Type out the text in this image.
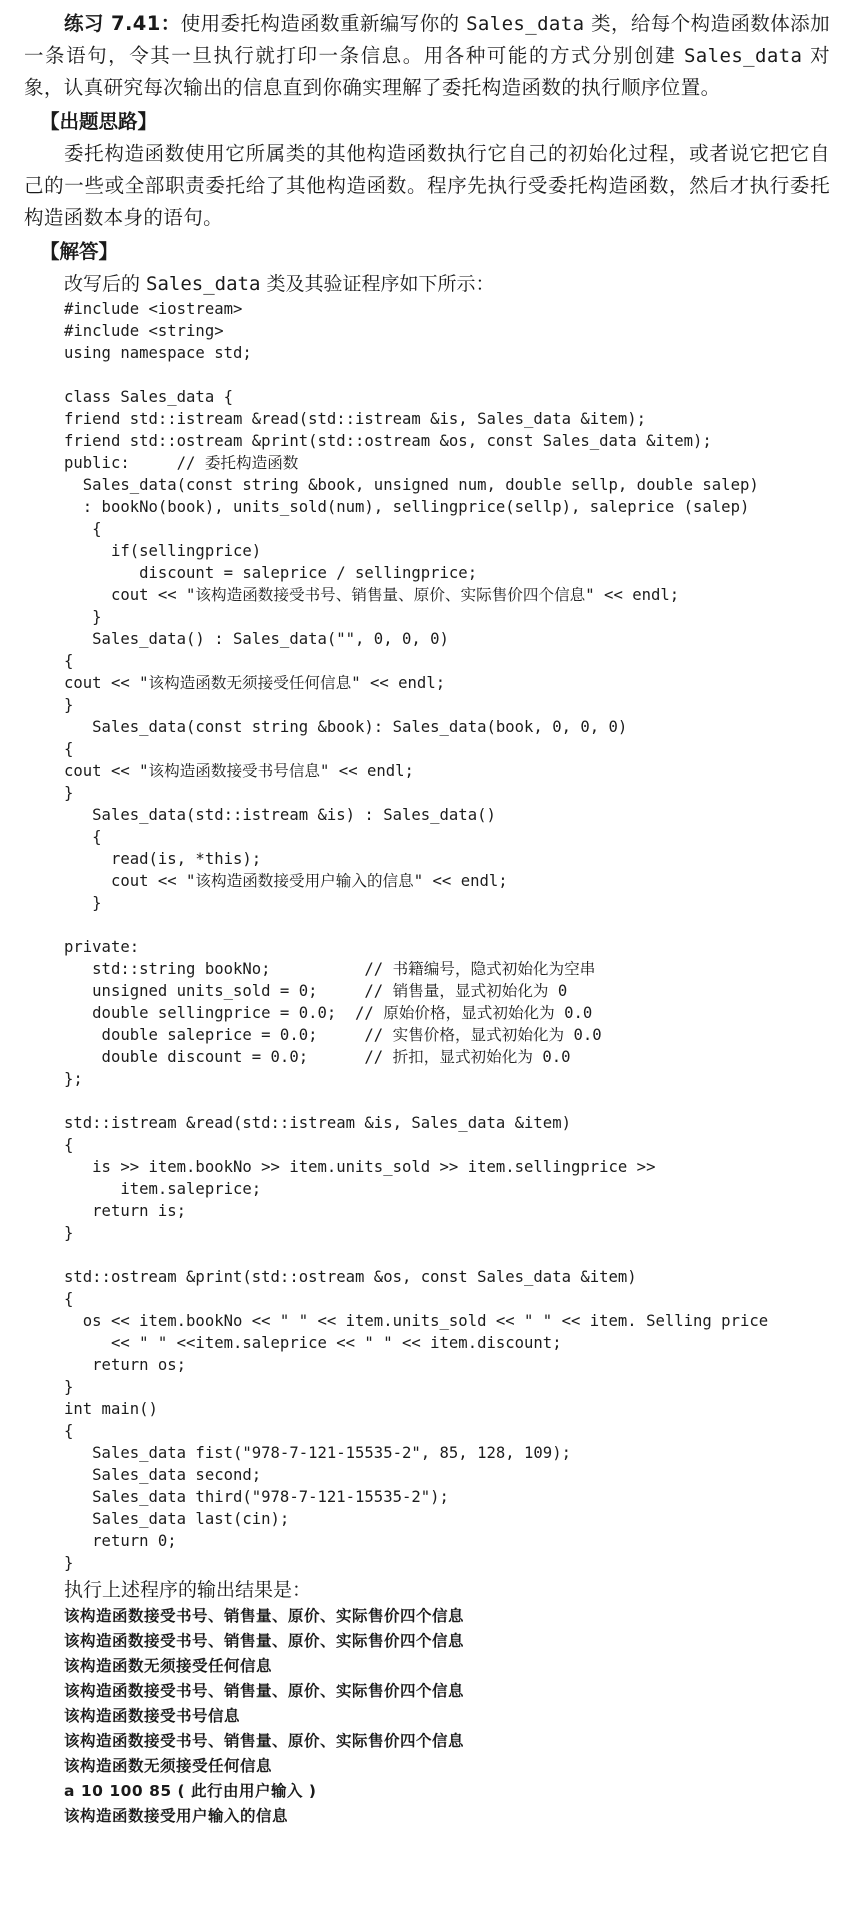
练习 7.41：使用委托构造函数重新编写你的 Sales_data 类，给每个构造函数体添加一条语句，令其一旦执行就打印一条信息。用各种可能的方式分别创建 Sales_data 对象，认真研究每次输出的信息直到你确实理解了委托构造函数的执行顺序位置。

【出题思路】

委托构造函数使用它所属类的其他构造函数执行它自己的初始化过程，或者说它把它自己的一些或全部职责委托给了其他构造函数。程序先执行受委托构造函数，然后才执行委托构造函数本身的语句。

【解答】
改写后的 Sales_data 类及其验证程序如下所示：
#include <iostream>
#include <string>
using namespace std;
class Sales_data {
friend std::istream &read(std::istream &is, Sales_data &item);
friend std::ostream &print(std::ostream &os, const Sales_data &item);
public:     // 委托构造函数
Sales_data(const string &book, unsigned num, double sellp, double salep)
: bookNo(book), units_sold(num), sellingprice(sellp), saleprice (salep)
{
if(sellingprice)
discount = saleprice / sellingprice;
cout << "该构造函数接受书号、销售量、原价、实际售价四个信息" << endl;
}
Sales_data() : Sales_data("", 0, 0, 0)
{
cout << "该构造函数无须接受任何信息" << endl;
}
Sales_data(const string &book): Sales_data(book, 0, 0, 0)
{
cout << "该构造函数接受书号信息" << endl;
}
Sales_data(std::istream &is) : Sales_data()
{
read(is, *this);
cout << "该构造函数接受用户输入的信息" << endl;
}
private:
std::string bookNo;          // 书籍编号，隐式初始化为空串
unsigned units_sold = 0;     // 销售量，显式初始化为 0
double sellingprice = 0.0;  // 原始价格，显式初始化为 0.0
double saleprice = 0.0;     // 实售价格，显式初始化为 0.0
double discount = 0.0;      // 折扣，显式初始化为 0.0
};
std::istream &read(std::istream &is, Sales_data &item)
{
is >> item.bookNo >> item.units_sold >> item.sellingprice >>
item.saleprice;
return is;
}
std::ostream &print(std::ostream &os, const Sales_data &item)
{
os << item.bookNo << " " << item.units_sold << " " << item. Selling price
<< " " <<item.saleprice << " " << item.discount;
return os;
}
int main()
{
Sales_data fist("978-7-121-15535-2", 85, 128, 109);
Sales_data second;
Sales_data third("978-7-121-15535-2");
Sales_data last(cin);
return 0;
}
执行上述程序的输出结果是：
该构造函数接受书号、销售量、原价、实际售价四个信息
该构造函数接受书号、销售量、原价、实际售价四个信息
该构造函数无须接受任何信息
该构造函数接受书号、销售量、原价、实际售价四个信息
该构造函数接受书号信息
该构造函数接受书号、销售量、原价、实际售价四个信息
该构造函数无须接受任何信息
a 10 100 85 ( 此行由用户输入 )
该构造函数接受用户输入的信息
